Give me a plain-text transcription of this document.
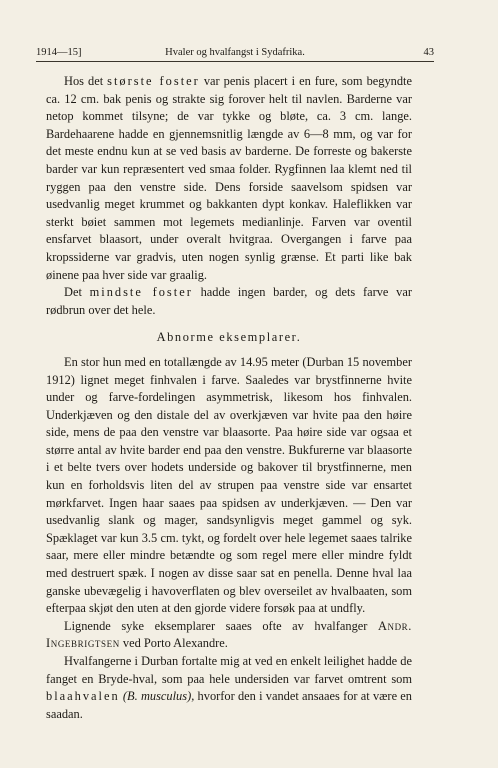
1914—15]	Hvaler og hvalfangst i Sydafrika.	43

Hos det største foster var penis placert i en fure, som begyndte ca. 12 cm. bak penis og strakte sig forover helt til navlen. Barderne var netop kommet tilsyne; de var tykke og bløte, ca. 3 cm. lange. Bardehaarene hadde en gjennemsnitlig længde av 6—8 mm, og var for det meste endnu kun at se ved basis av barderne. De forreste og bakerste barder var kun repræsentert ved smaa folder. Rygfinnen laa klemt ned til ryggen paa den venstre side. Dens forside saavelsom spidsen var usedvanlig meget krummet og bakkanten dypt konkav. Haleflikken var sterkt bøiet sammen mot legemets medianlinje. Farven var oventil ensfarvet blaasort, under overalt hvitgraa. Overgangen i farve paa kropssiderne var gradvis, uten nogen synlig grænse. Et parti like bak øinene paa hver side var graalig.

Det mindste foster hadde ingen barder, og dets farve var rødbrun over det hele.

Abnorme eksemplarer.

En stor hun med en totallængde av 14.95 meter (Durban 15 november 1912) lignet meget finhvalen i farve. Saaledes var brystfinnerne hvite under og farve-fordelingen asymmetrisk, likesom hos finhvalen. Underkjæven og den distale del av overkjæven var hvite paa den høire side, mens de paa den venstre var blaasorte. Paa høire side var ogsaa et større antal av hvite barder end paa den venstre. Bukfurerne var blaasorte i et belte tvers over hodets underside og bakover til brystfinnerne, men kun en forholdsvis liten del av strupen paa venstre side var ensartet mørkfarvet. Ingen haar saaes paa spidsen av underkjæven. — Den var usedvanlig slank og mager, sandsynligvis meget gammel og syk. Spæklaget var kun 3.5 cm. tykt, og fordelt over hele legemet saaes talrike saar, mere eller mindre betændte og som regel mere eller mindre fyldt med destruert spæk. I nogen av disse saar sat en penella. Denne hval laa ganske ubevægelig i havoverflaten og blev overseilet av hvalbaaten, som efterpaa skjøt den uten at den gjorde videre forsøk paa at undfly.

Lignende syke eksemplarer saaes ofte av hvalfanger Andr. Ingebrigtsen ved Porto Alexandre.

Hvalfangerne i Durban fortalte mig at ved en enkelt leilighet hadde de fanget en Bryde-hval, som paa hele undersiden var farvet omtrent som blaahvalen (B. musculus), hvorfor den i vandet ansaaes for at være en saadan.
